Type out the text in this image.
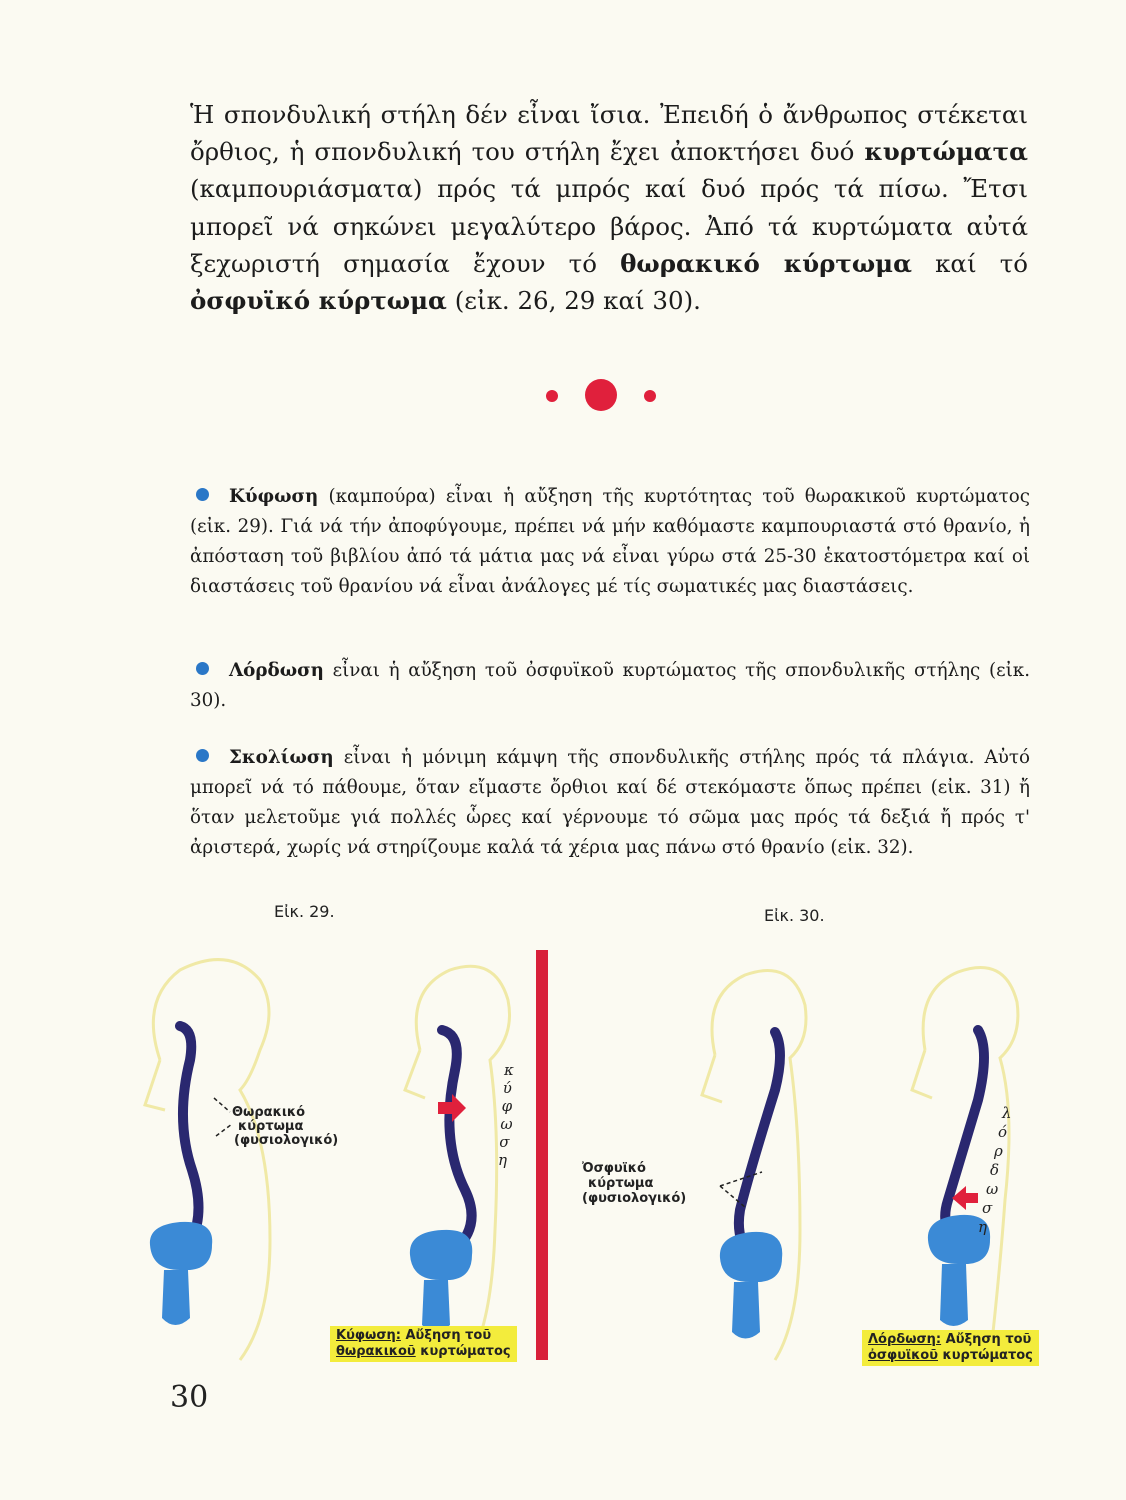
Ἡ σπονδυλική στήλη δέν εἶναι ἴσια. Ἐπειδή ὁ ἄνθρωπος στέκεται ὄρθιος, ἡ σπονδυλική του στήλη ἔχει ἀποκτήσει δυό κυρτώματα (καμπουριάσματα) πρός τά μπρός καί δυό πρός τά πίσω. Ἔτσι μπορεῖ νά σηκώνει μεγαλύτερο βάρος. Ἀπό τά κυρτώματα αὐτά ξεχωριστή σημασία ἔχουν τό θωρακικό κύρτωμα καί τό ὀσφυϊκό κύρτωμα (εἰκ. 26, 29 καί 30).
Κύφωση (καμπούρα) εἶναι ἡ αὔξηση τῆς κυρτότητας τοῦ θωρακικοῦ κυρτώματος (εἰκ. 29). Γιά νά τήν ἀποφύγουμε, πρέπει νά μήν καθόμαστε καμπουριαστά στό θρανίο, ἡ ἀπόσταση τοῦ βιβλίου ἀπό τά μάτια μας νά εἶναι γύρω στά 25-30 ἑκατοστόμετρα καί οἱ διαστάσεις τοῦ θρανίου νά εἶναι ἀνάλογες μέ τίς σωματικές μας διαστάσεις.
Λόρδωση εἶναι ἡ αὔξηση τοῦ ὀσφυϊκοῦ κυρτώματος τῆς σπονδυλικῆς στήλης (εἰκ. 30).
Σκολίωση εἶναι ἡ μόνιμη κάμψη τῆς σπονδυλικῆς στήλης πρός τά πλάγια. Αὐτό μπορεῖ νά τό πάθουμε, ὅταν εἴμαστε ὄρθιοι καί δέ στεκόμαστε ὅπως πρέπει (εἰκ. 31) ἤ ὅταν μελετοῦμε γιά πολλές ὧρες καί γέρνουμε τό σῶμα μας πρός τά δεξιά ἤ πρός τ' ἀριστερά, χωρίς νά στηρίζουμε καλά τά χέρια μας πάνω στό θρανίο (εἰκ. 32).
Εἰκ. 29.	Εἰκ. 30.
Θωρακικό
κύρτωμα
(φυσιολογικό)
κ ύ φ ω σ η	Ὀσφυϊκό
κύρτωμα
(φυσιολογικό)
λ ό ρ δ ω σ η
Κύφωση: Αὔξηση τοῦ
θωρακικοῦ κυρτώματος
Λόρδωση: Αὔξηση τοῦ
ὀσφυϊκοῦ κυρτώματος
30
